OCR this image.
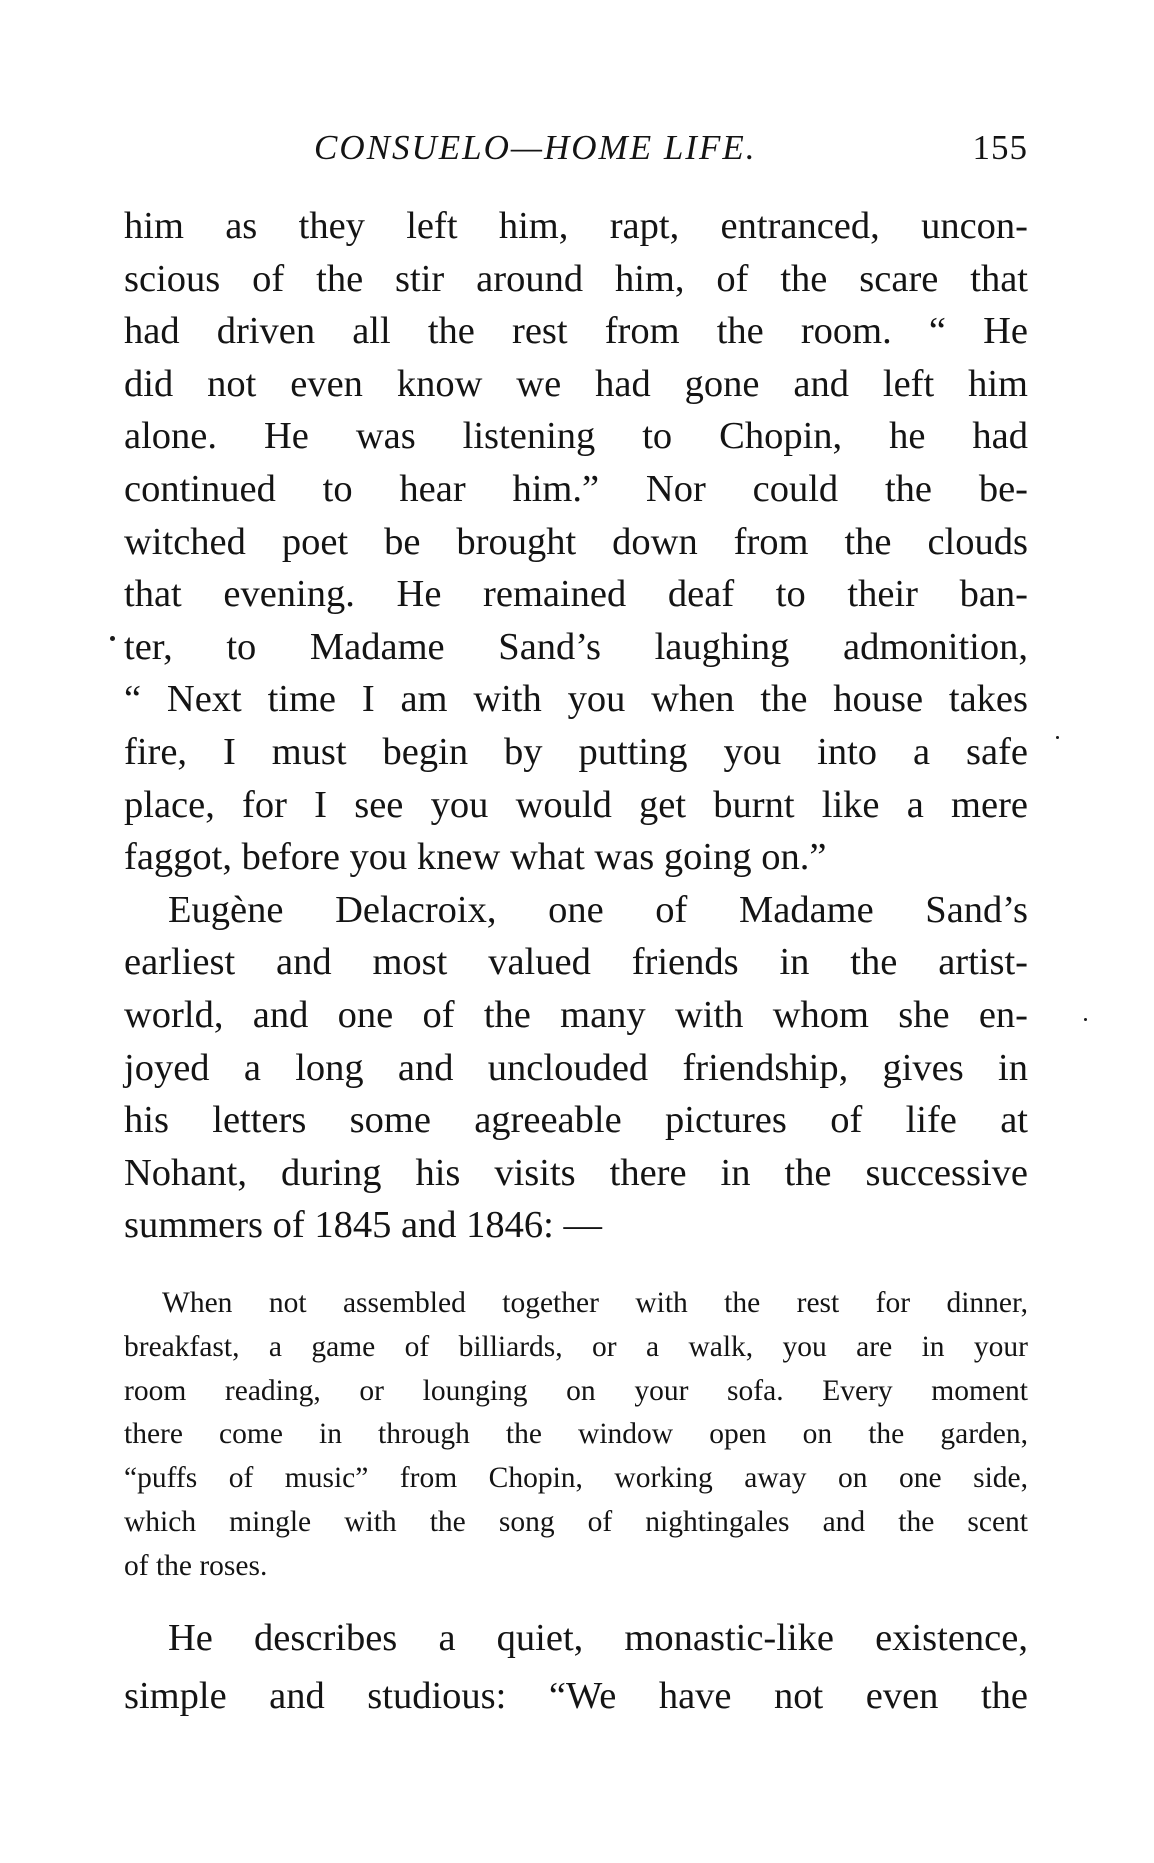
CONSUELO—HOME LIFE.	155
him as they left him, rapt, entranced, uncon-
scious of the stir around him, of the scare that
had driven all the rest from the room. “ He
did not even know we had gone and left him
alone. He was listening to Chopin, he had
continued to hear him.” Nor could the be-
witched poet be brought down from the clouds
that evening. He remained deaf to their ban-
ter, to Madame Sand’s laughing admonition,
“ Next time I am with you when the house takes
fire, I must begin by putting you into a safe
place, for I see you would get burnt like a mere
faggot, before you knew what was going on.”
Eugène Delacroix, one of Madame Sand’s
earliest and most valued friends in the artist-
world, and one of the many with whom she en-
joyed a long and unclouded friendship, gives in
his letters some agreeable pictures of life at
Nohant, during his visits there in the successive
summers of 1845 and 1846: —
When not assembled together with the rest for dinner,
breakfast, a game of billiards, or a walk, you are in your
room reading, or lounging on your sofa. Every moment
there come in through the window open on the garden,
“puffs of music” from Chopin, working away on one side,
which mingle with the song of nightingales and the scent
of the roses.
He describes a quiet, monastic-like existence,
simple and studious: “We have not even the
